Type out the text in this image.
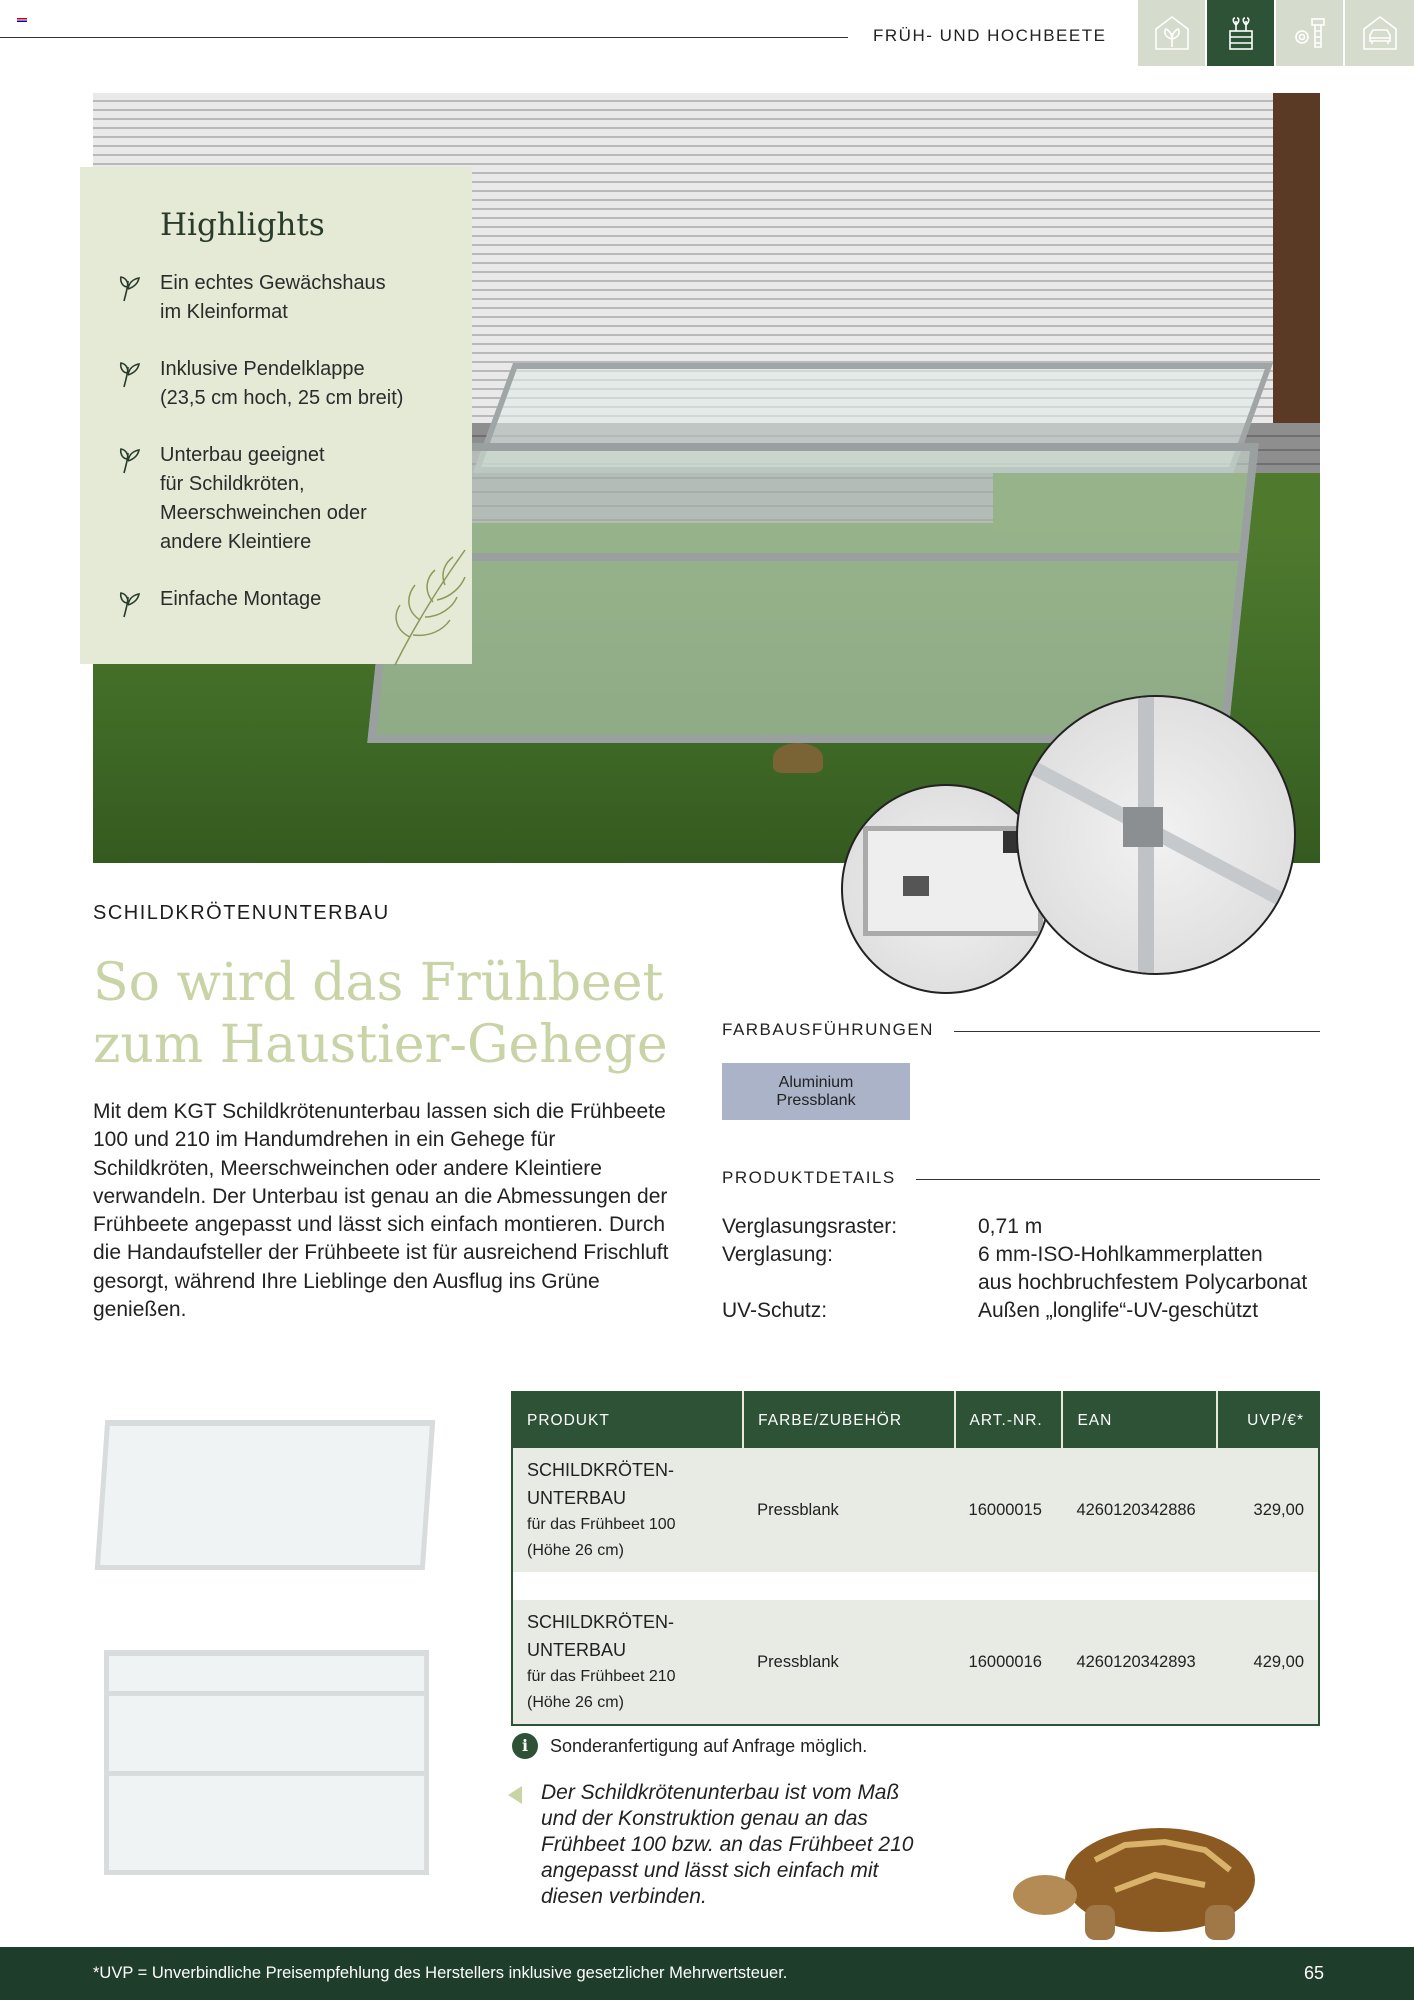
FRÜH- UND HOCHBEETE
Highlights
Ein echtes Gewächshaus
im Kleinformat
Inklusive Pendelklappe
(23,5 cm hoch, 25 cm breit)
Unterbau geeignet
für Schildkröten,
Meerschweinchen oder
andere Kleintiere
Einfache Montage
SCHILDKRÖTENUNTERBAU
So wird das Frühbeet
zum Haustier-Gehege

Mit dem KGT Schildkrötenunterbau lassen sich die Frühbeete 100 und 210 im Handumdrehen in ein Gehege für Schildkröten, Meerschweinchen oder andere Kleintiere verwandeln. Der Unterbau ist genau an die Abmessungen der Frühbeete angepasst und lässt sich einfach montieren. Durch die Handaufsteller der Frühbeete ist für ausreichend Frischluft gesorgt, während Ihre Lieblinge den Ausflug ins Grüne genießen.

FARBAUSFÜHRUNGEN
Aluminium
Pressblank
PRODUKTDETAILS
Verglasungsraster:	0,71 m
Verglasung:	6 mm-ISO-Hohlkammerplatten
aus hochbruchfestem Polycarbonat
UV-Schutz:	Außen „longlife“-UV-geschützt
PRODUKT	FARBE/ZUBEHÖR	ART.-NR.	EAN	UVP/€*

SCHILDKRÖTEN-
UNTERBAU
für das Frühbeet 100
(Höhe 26 cm)	Pressblank	16000015	4260120342886	329,00

SCHILDKRÖTEN-
UNTERBAU
für das Frühbeet 210
(Höhe 26 cm)	Pressblank	16000016	4260120342893	429,00
i	Sonderanfertigung auf Anfrage möglich.

Der Schildkrötenunterbau ist vom Maß und der Konstruktion genau an das Frühbeet 100 bzw. an das Frühbeet 210 angepasst und lässt sich einfach mit diesen verbinden.

*UVP = Unverbindliche Preisempfehlung des Herstellers inklusive gesetzlicher Mehrwertsteuer.	65
